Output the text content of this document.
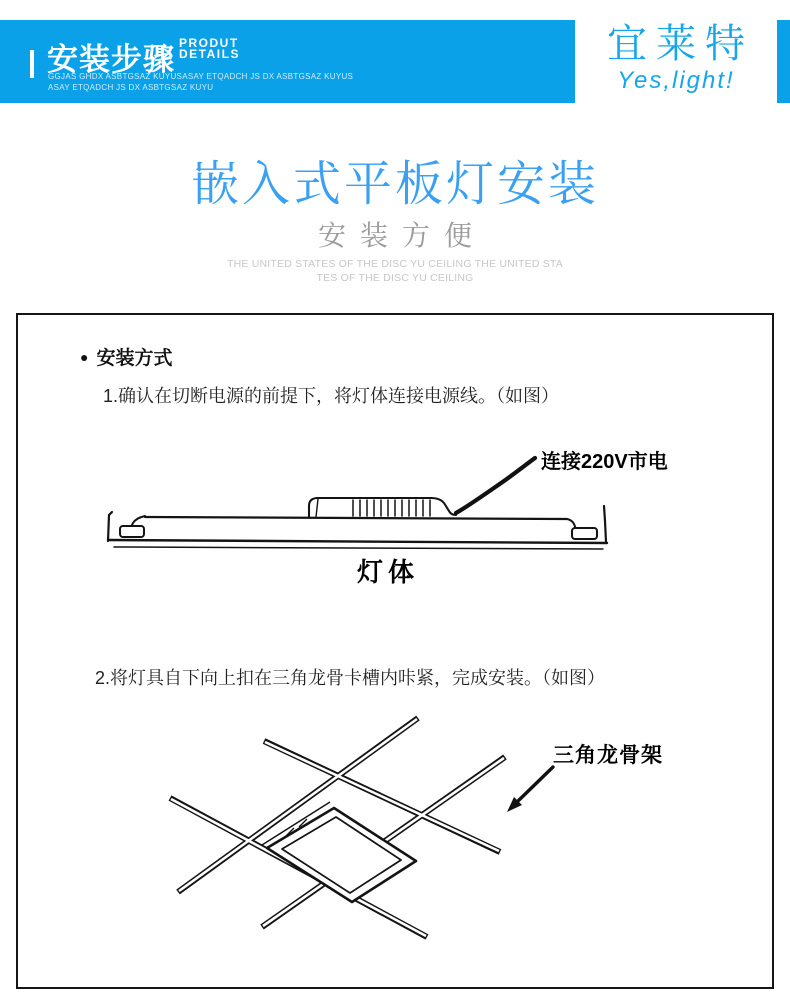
安装步骤 PRODUT
DETAILS
GGJAS GHDX ASBTGSAZ KUYUSASAY ETQADCH JS DX ASBTGSAZ KUYUS
ASAY ETQADCH JS DX ASBTGSAZ KUYU
宜莱特
Yes,light!
嵌入式平板灯安装
安装方便
THE UNITED STATES OF THE DISC YU CEILING THE UNITED STA
TES OF THE DISC YU CEILING
● 安装方式
1.确认在切断电源的前提下，将灯体连接电源线。（如图）
连接220V市电
灯体
2.将灯具自下向上扣在三角龙骨卡槽内咔紧，完成安装。（如图）
三角龙骨架
